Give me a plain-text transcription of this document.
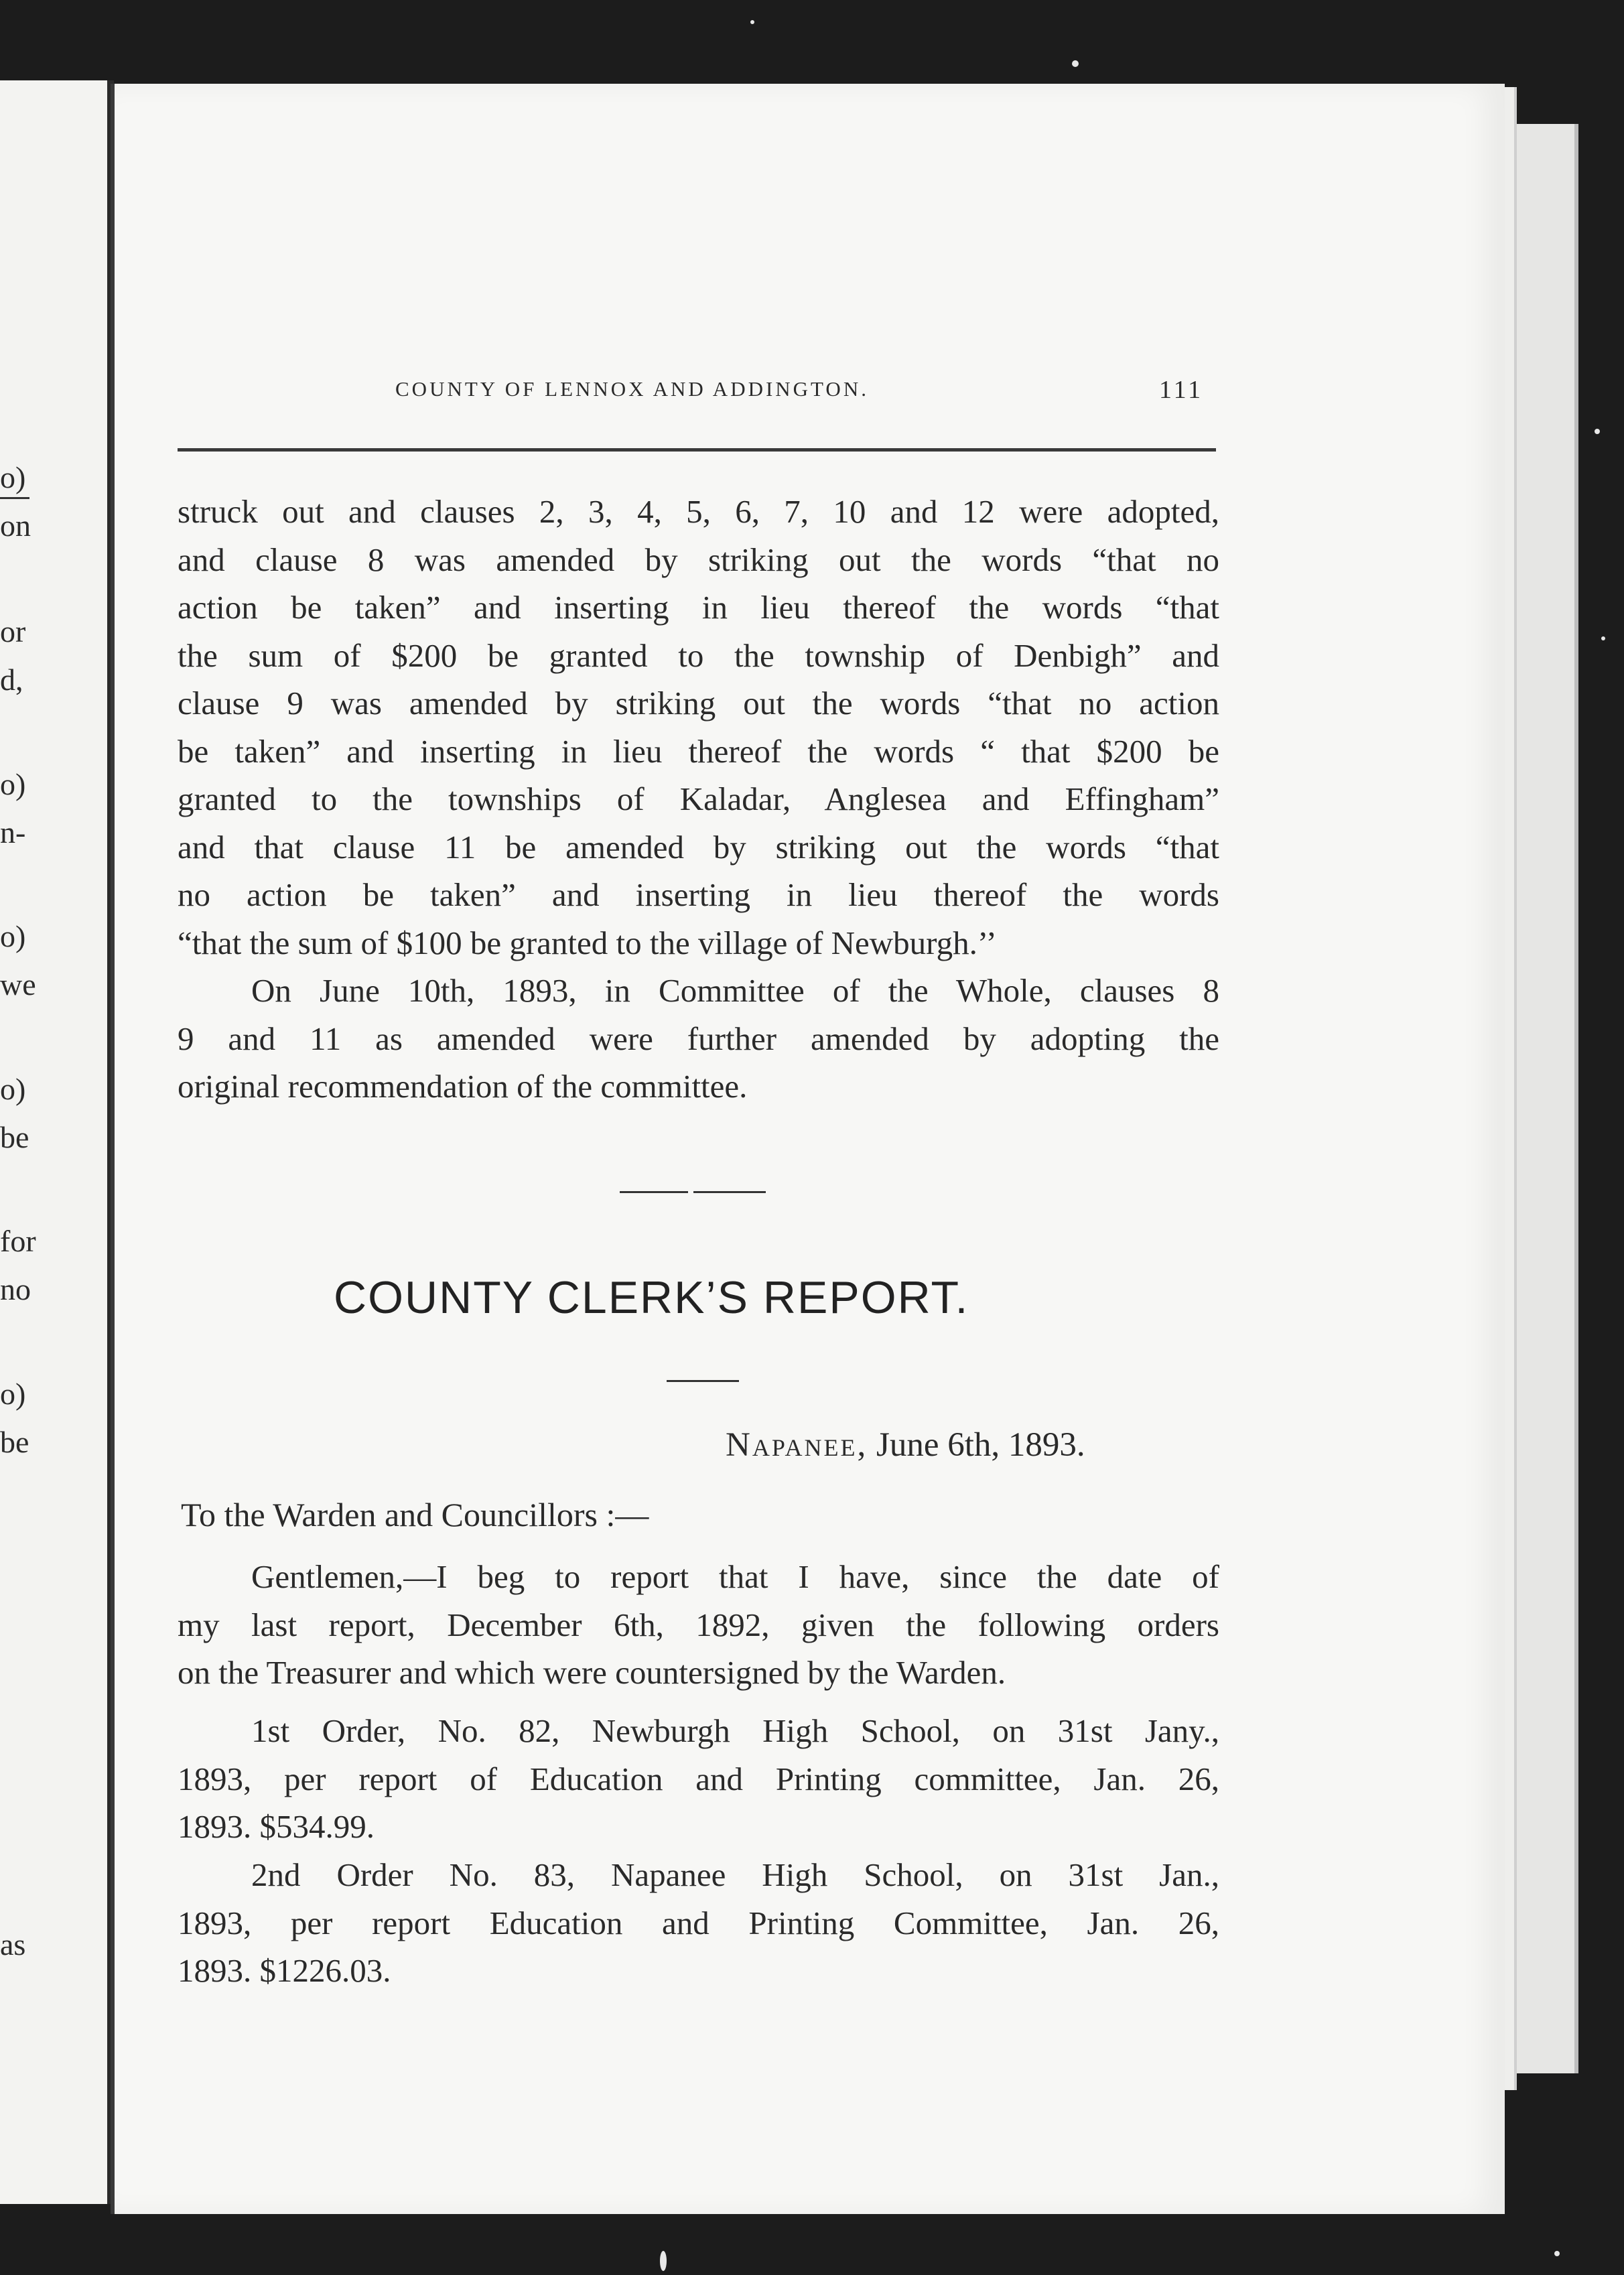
o)
on
or
d,
o)
n-
o)
we
o)
be
for
no
o)
be
as
COUNTY OF LENNOX AND ADDINGTON.	111
struck out and clauses 2, 3, 4, 5, 6, 7, 10 and 12 were adopted,
and clause 8 was amended by striking out the words “that no
action be taken” and inserting in lieu thereof the words “that
the sum of $200 be granted to the township of Denbigh” and
clause 9 was amended by striking out the words “that no action
be taken” and inserting in lieu thereof the words “ that $200 be
granted to the townships of Kaladar, Anglesea and Effingham”
and that clause 11 be amended by striking out the words “that
no action be taken” and inserting in lieu thereof the words
“that the sum of $100 be granted to the village of Newburgh.’’
On June 10th, 1893, in Committee of the Whole, clauses 8
9 and 11 as amended were further amended by adopting the
original recommendation of the committee.
COUNTY CLERK’S REPORT.
Napanee, June 6th, 1893.
To the Warden and Councillors :—
Gentlemen,—I beg to report that I have, since the date of
my last report, December 6th, 1892, given the following orders
on the Treasurer and which were countersigned by the Warden.
1st Order, No. 82, Newburgh High School, on 31st Jany.,
1893, per report of Education and Printing committee, Jan. 26,
1893. $534.99.
2nd Order No. 83, Napanee High School, on 31st Jan.,
1893, per report Education and Printing Committee, Jan. 26,
1893. $1226.03.
